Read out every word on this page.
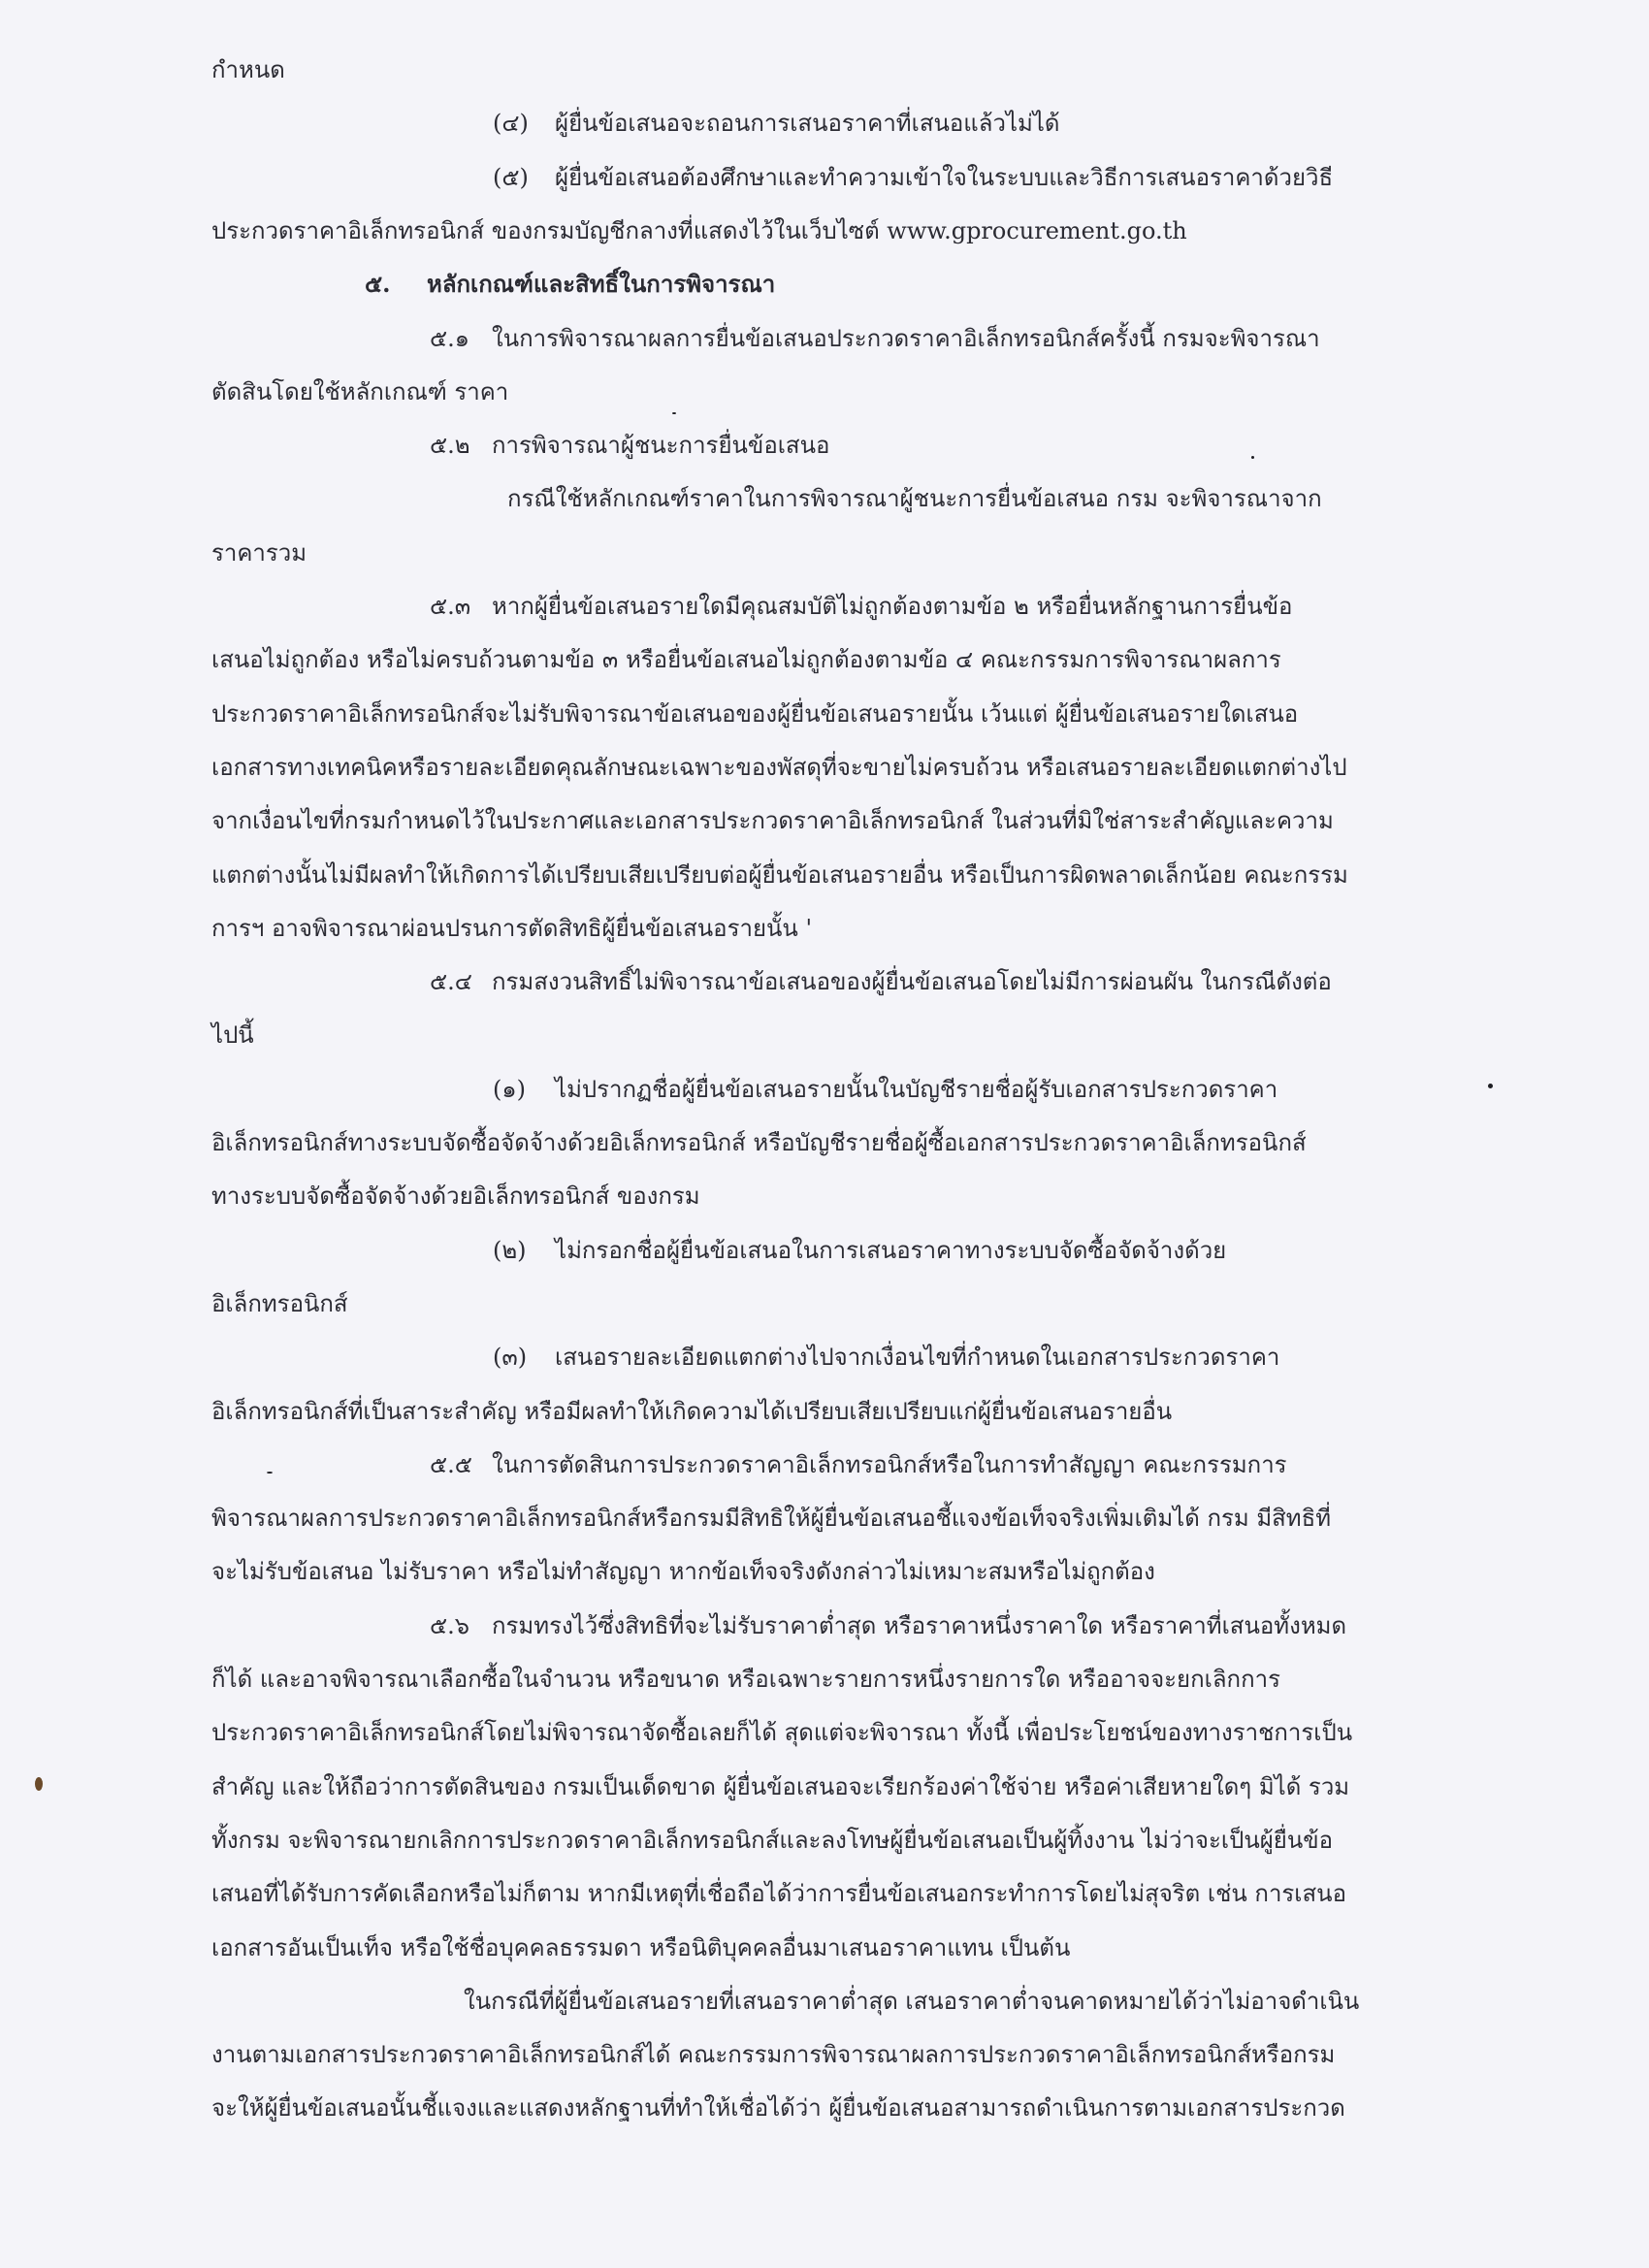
กำหนด
(๔) ผู้ยื่นข้อเสนอจะถอนการเสนอราคาที่เสนอแล้วไม่ได้
(๕) ผู้ยื่นข้อเสนอต้องศึกษาและทำความเข้าใจในระบบและวิธีการเสนอราคาด้วยวิธี
ประกวดราคาอิเล็กทรอนิกส์ ของกรมบัญชีกลางที่แสดงไว้ในเว็บไซต์ www.gprocurement.go.th
๕. หลักเกณฑ์และสิทธิ์ในการพิจารณา
๕.๑ ในการพิจารณาผลการยื่นข้อเสนอประกวดราคาอิเล็กทรอนิกส์ครั้งนี้ กรมจะพิจารณา
ตัดสินโดยใช้หลักเกณฑ์ ราคา
๕.๒ การพิจารณาผู้ชนะการยื่นข้อเสนอ
กรณีใช้หลักเกณฑ์ราคาในการพิจารณาผู้ชนะการยื่นข้อเสนอ กรม จะพิจารณาจาก
ราคารวม
๕.๓ หากผู้ยื่นข้อเสนอรายใดมีคุณสมบัติไม่ถูกต้องตามข้อ ๒ หรือยื่นหลักฐานการยื่นข้อ
เสนอไม่ถูกต้อง หรือไม่ครบถ้วนตามข้อ ๓ หรือยื่นข้อเสนอไม่ถูกต้องตามข้อ ๔ คณะกรรมการพิจารณาผลการ
ประกวดราคาอิเล็กทรอนิกส์จะไม่รับพิจารณาข้อเสนอของผู้ยื่นข้อเสนอรายนั้น เว้นแต่ ผู้ยื่นข้อเสนอรายใดเสนอ
เอกสารทางเทคนิคหรือรายละเอียดคุณลักษณะเฉพาะของพัสดุที่จะขายไม่ครบถ้วน หรือเสนอรายละเอียดแตกต่างไป
จากเงื่อนไขที่กรมกำหนดไว้ในประกาศและเอกสารประกวดราคาอิเล็กทรอนิกส์ ในส่วนที่มิใช่สาระสำคัญและความ
แตกต่างนั้นไม่มีผลทำให้เกิดการได้เปรียบเสียเปรียบต่อผู้ยื่นข้อเสนอรายอื่น หรือเป็นการผิดพลาดเล็กน้อย คณะกรรม
การฯ อาจพิจารณาผ่อนปรนการตัดสิทธิผู้ยื่นข้อเสนอรายนั้น '
๕.๔ กรมสงวนสิทธิ์ไม่พิจารณาข้อเสนอของผู้ยื่นข้อเสนอโดยไม่มีการผ่อนผัน ในกรณีดังต่อ
ไปนี้
(๑) ไม่ปรากฏชื่อผู้ยื่นข้อเสนอรายนั้นในบัญชีรายชื่อผู้รับเอกสารประกวดราคา
อิเล็กทรอนิกส์ทางระบบจัดซื้อจัดจ้างด้วยอิเล็กทรอนิกส์ หรือบัญชีรายชื่อผู้ซื้อเอกสารประกวดราคาอิเล็กทรอนิกส์
ทางระบบจัดซื้อจัดจ้างด้วยอิเล็กทรอนิกส์ ของกรม
(๒) ไม่กรอกชื่อผู้ยื่นข้อเสนอในการเสนอราคาทางระบบจัดซื้อจัดจ้างด้วย
อิเล็กทรอนิกส์
(๓) เสนอรายละเอียดแตกต่างไปจากเงื่อนไขที่กำหนดในเอกสารประกวดราคา
อิเล็กทรอนิกส์ที่เป็นสาระสำคัญ หรือมีผลทำให้เกิดความได้เปรียบเสียเปรียบแก่ผู้ยื่นข้อเสนอรายอื่น
๕.๕ ในการตัดสินการประกวดราคาอิเล็กทรอนิกส์หรือในการทำสัญญา คณะกรรมการ
พิจารณาผลการประกวดราคาอิเล็กทรอนิกส์หรือกรมมีสิทธิให้ผู้ยื่นข้อเสนอชี้แจงข้อเท็จจริงเพิ่มเติมได้ กรม มีสิทธิที่
จะไม่รับข้อเสนอ ไม่รับราคา หรือไม่ทำสัญญา หากข้อเท็จจริงดังกล่าวไม่เหมาะสมหรือไม่ถูกต้อง
๕.๖ กรมทรงไว้ซึ่งสิทธิที่จะไม่รับราคาต่ำสุด หรือราคาหนึ่งราคาใด หรือราคาที่เสนอทั้งหมด
ก็ได้ และอาจพิจารณาเลือกซื้อในจำนวน หรือขนาด หรือเฉพาะรายการหนึ่งรายการใด หรืออาจจะยกเลิกการ
ประกวดราคาอิเล็กทรอนิกส์โดยไม่พิจารณาจัดซื้อเลยก็ได้ สุดแต่จะพิจารณา ทั้งนี้ เพื่อประโยชน์ของทางราชการเป็น
สำคัญ และให้ถือว่าการตัดสินของ กรมเป็นเด็ดขาด ผู้ยื่นข้อเสนอจะเรียกร้องค่าใช้จ่าย หรือค่าเสียหายใดๆ มิได้ รวม
ทั้งกรม จะพิจารณายกเลิกการประกวดราคาอิเล็กทรอนิกส์และลงโทษผู้ยื่นข้อเสนอเป็นผู้ทิ้งงาน ไม่ว่าจะเป็นผู้ยื่นข้อ
เสนอที่ได้รับการคัดเลือกหรือไม่ก็ตาม หากมีเหตุที่เชื่อถือได้ว่าการยื่นข้อเสนอกระทำการโดยไม่สุจริต เช่น การเสนอ
เอกสารอันเป็นเท็จ หรือใช้ชื่อบุคคลธรรมดา หรือนิติบุคคลอื่นมาเสนอราคาแทน เป็นต้น
ในกรณีที่ผู้ยื่นข้อเสนอรายที่เสนอราคาต่ำสุด เสนอราคาต่ำจนคาดหมายได้ว่าไม่อาจดำเนิน
งานตามเอกสารประกวดราคาอิเล็กทรอนิกส์ได้ คณะกรรมการพิจารณาผลการประกวดราคาอิเล็กทรอนิกส์หรือกรม
จะให้ผู้ยื่นข้อเสนอนั้นชี้แจงและแสดงหลักฐานที่ทำให้เชื่อได้ว่า ผู้ยื่นข้อเสนอสามารถดำเนินการตามเอกสารประกวด
